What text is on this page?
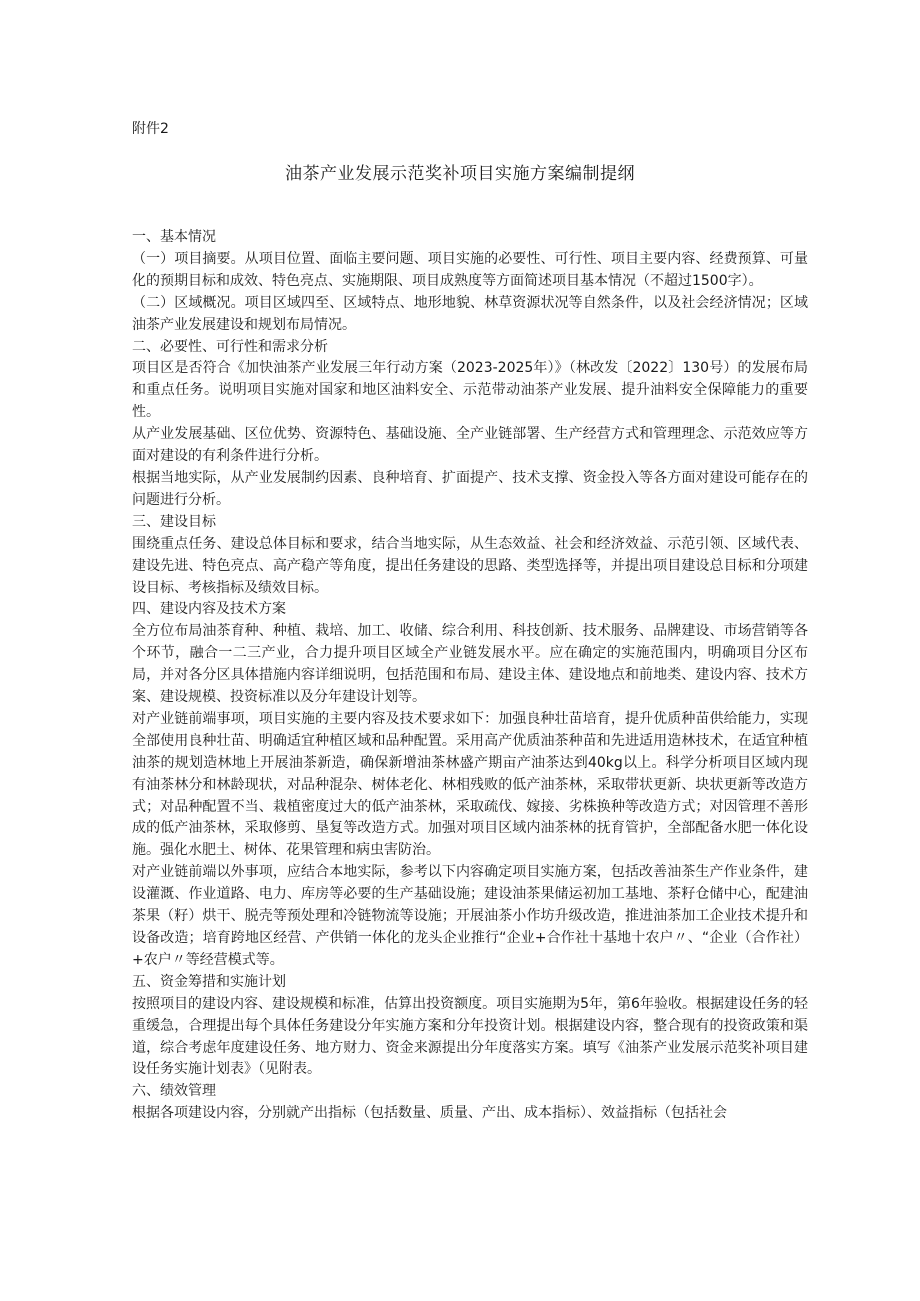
附件2
油茶产业发展示范奖补项目实施方案编制提纲
一、基本情况

（一）项目摘要。从项目位置、面临主要问题、项目实施的必要性、可行性、项目主要内容、经费预算、可量化的预期目标和成效、特色亮点、实施期限、项目成熟度等方面简述项目基本情况（不超过1500字）。

（二）区域概况。项目区域四至、区域特点、地形地貌、林草资源状况等自然条件，以及社会经济情况；区域油茶产业发展建设和规划布局情况。

二、必要性、可行性和需求分析

项目区是否符合《加快油茶产业发展三年行动方案（2023-2025年）》（林改发〔2022〕130号）的发展布局和重点任务。说明项目实施对国家和地区油料安全、示范带动油茶产业发展、提升油料安全保障能力的重要性。

从产业发展基础、区位优势、资源特色、基础设施、全产业链部署、生产经营方式和管理理念、示范效应等方面对建设的有利条件进行分析。

根据当地实际，从产业发展制约因素、良种培育、扩面提产、技术支撑、资金投入等各方面对建设可能存在的问题进行分析。

三、建设目标

围绕重点任务、建设总体目标和要求，结合当地实际，从生态效益、社会和经济效益、示范引领、区域代表、建设先进、特色亮点、高产稳产等角度，提出任务建设的思路、类型选择等，并提出项目建设总目标和分项建设目标、考核指标及绩效目标。

四、建设内容及技术方案

全方位布局油茶育种、种植、栽培、加工、收储、综合利用、科技创新、技术服务、品牌建设、市场营销等各个环节，融合一二三产业，合力提升项目区域全产业链发展水平。应在确定的实施范围内，明确项目分区布局，并对各分区具体措施内容详细说明，包括范围和布局、建设主体、建设地点和前地类、建设内容、技术方案、建设规模、投资标准以及分年建设计划等。

对产业链前端事项，项目实施的主要内容及技术要求如下：加强良种壮苗培育，提升优质种苗供给能力，实现全部使用良种壮苗、明确适宜种植区域和品种配置。采用高产优质油茶种苗和先进适用造林技术，在适宜种植油茶的规划造林地上开展油茶新造，确保新增油茶林盛产期亩产油茶达到40kg以上。科学分析项目区域内现有油茶林分和林龄现状，对品种混杂、树体老化、林相残败的低产油茶林，采取带状更新、块状更新等改造方式；对品种配置不当、栽植密度过大的低产油茶林，采取疏伐、嫁接、劣株换种等改造方式；对因管理不善形成的低产油茶林，采取修剪、垦复等改造方式。加强对项目区域内油茶林的抚育管护，全部配备水肥一体化设施。强化水肥土、树体、花果管理和病虫害防治。

对产业链前端以外事项，应结合本地实际，参考以下内容确定项目实施方案，包括改善油茶生产作业条件，建设灌溉、作业道路、电力、库房等必要的生产基础设施；建设油茶果储运初加工基地、茶籽仓储中心，配建油茶果（籽）烘干、脱壳等预处理和冷链物流等设施；开展油茶小作坊升级改造，推进油茶加工企业技术提升和设备改造；培育跨地区经营、产供销一体化的龙头企业推行“企业+合作社十基地十农户〃、“企业（合作社）+农户〃等经营模式等。

五、资金筹措和实施计划

按照项目的建设内容、建设规模和标准，估算出投资额度。项目实施期为5年，第6年验收。根据建设任务的轻重缓急，合理提出每个具体任务建设分年实施方案和分年投资计划。根据建设内容，整合现有的投资政策和渠道，综合考虑年度建设任务、地方财力、资金来源提出分年度落实方案。填写《油茶产业发展示范奖补项目建设任务实施计划表》（见附表。

六、绩效管理

根据各项建设内容，分别就产出指标（包括数量、质量、产出、成本指标）、效益指标（包括社会
